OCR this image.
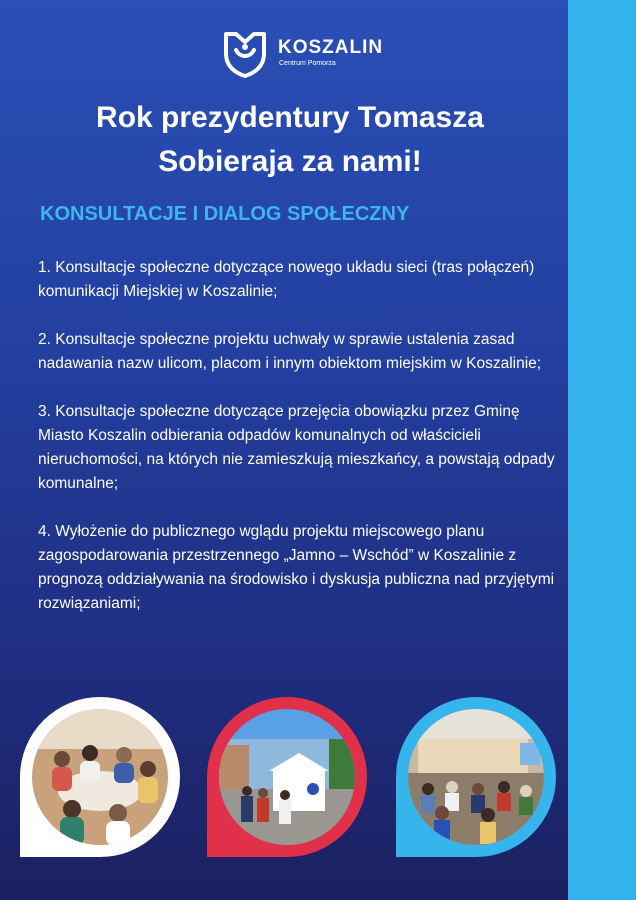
KOSZALIN
Centrum Pomorza
Rok prezydentury Tomasza
Sobieraja za nami!
KONSULTACJE I DIALOG SPOŁECZNY
1. Konsultacje społeczne dotyczące nowego układu sieci (tras połączeń) komunikacji Miejskiej w Koszalinie;
2. Konsultacje społeczne projektu uchwały w sprawie ustalenia zasad nadawania nazw ulicom, placom i innym obiektom miejskim w Koszalinie;
3. Konsultacje społeczne dotyczące przejęcia obowiązku przez Gminę Miasto Koszalin odbierania odpadów komunalnych od właścicieli nieruchomości, na których nie zamieszkują mieszkańcy, a powstają odpady komunalne;
4. Wyłożenie do publicznego wglądu projektu miejscowego planu zagospodarowania przestrzennego „Jamno – Wschód” w Koszalinie z prognozą oddziaływania na środowisko i dyskusja publiczna nad przyjętymi rozwiązaniami;
